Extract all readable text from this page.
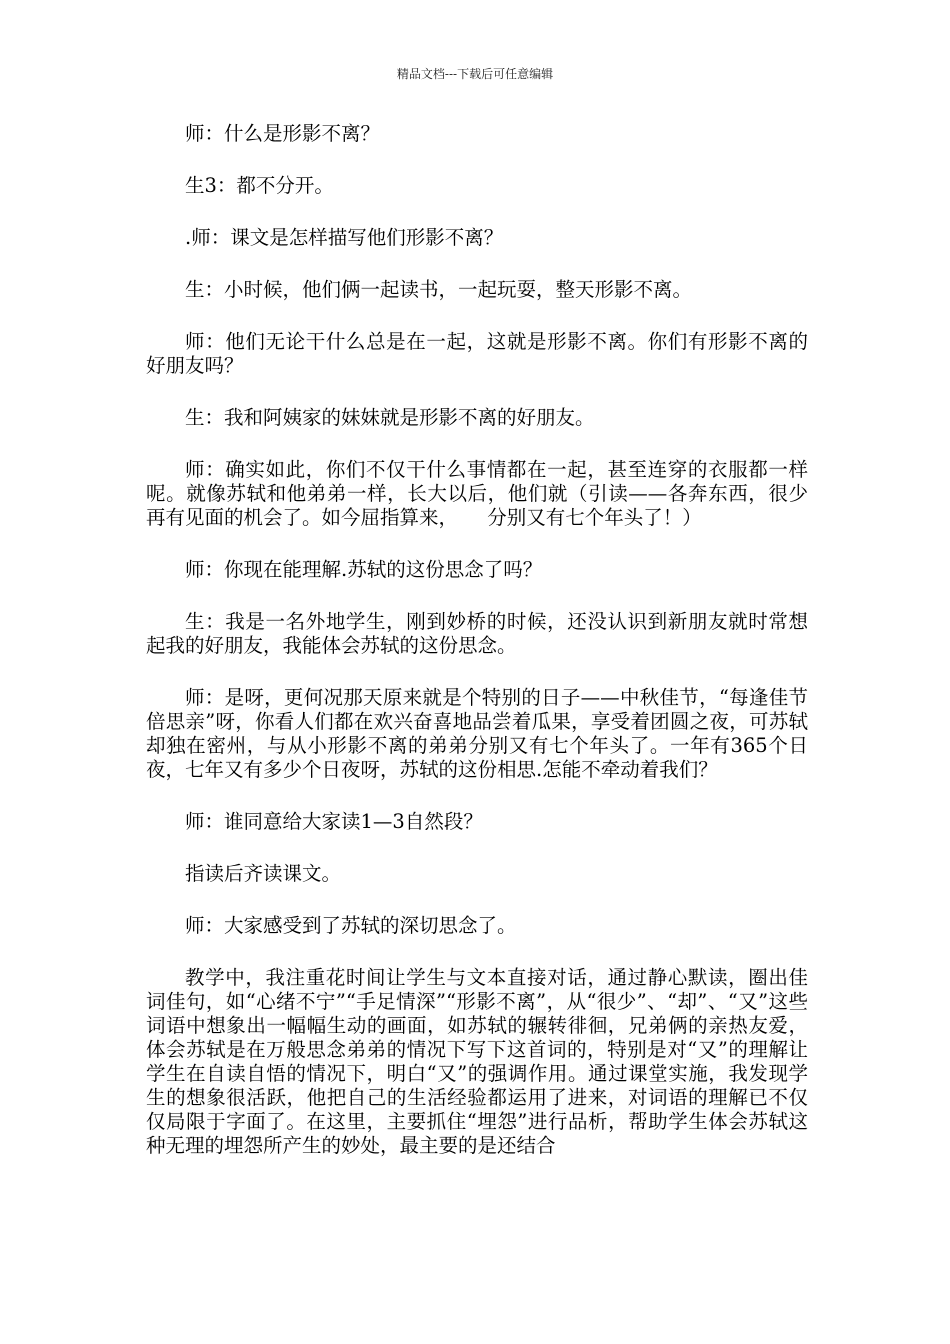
精品文档---下载后可任意编辑

师：什么是形影不离？

生3：都不分开。

.师：课文是怎样描写他们形影不离？

生：小时候，他们俩一起读书，一起玩耍，整天形影不离。

师：他们无论干什么总是在一起，这就是形影不离。你们有形影不离的好朋友吗？

生：我和阿姨家的妹妹就是形影不离的好朋友。

师：确实如此，你们不仅干什么事情都在一起，甚至连穿的衣服都一样呢。就像苏轼和他弟弟一样，长大以后，他们就（引读——各奔东西，很少再有见面的机会了。如今屈指算来，　　分别又有七个年头了！）

师：你现在能理解.苏轼的这份思念了吗？

生：我是一名外地学生，刚到妙桥的时候，还没认识到新朋友就时常想起我的好朋友，我能体会苏轼的这份思念。

师：是呀，更何况那天原来就是个特别的日子——中秋佳节，“每逢佳节倍思亲”呀，你看人们都在欢兴奋喜地品尝着瓜果，享受着团圆之夜，可苏轼却独在密州，与从小形影不离的弟弟分别又有七个年头了。一年有365个日夜，七年又有多少个日夜呀，苏轼的这份相思.怎能不牵动着我们？

师：谁同意给大家读1—3自然段？

指读后齐读课文。

师：大家感受到了苏轼的深切思念了。

教学中，我注重花时间让学生与文本直接对话，通过静心默读，圈出佳词佳句，如“心绪不宁”“手足情深”“形影不离”，从“很少”、“却”、“又”这些词语中想象出一幅幅生动的画面，如苏轼的辗转徘徊，兄弟俩的亲热友爱，体会苏轼是在万般思念弟弟的情况下写下这首词的，特别是对“又”的理解让学生在自读自悟的情况下，明白“又”的强调作用。通过课堂实施，我发现学生的想象很活跃，他把自己的生活经验都运用了进来，对词语的理解已不仅仅局限于字面了。在这里，主要抓住“埋怨”进行品析，帮助学生体会苏轼这种无理的埋怨所产生的妙处，最主要的是还结合
